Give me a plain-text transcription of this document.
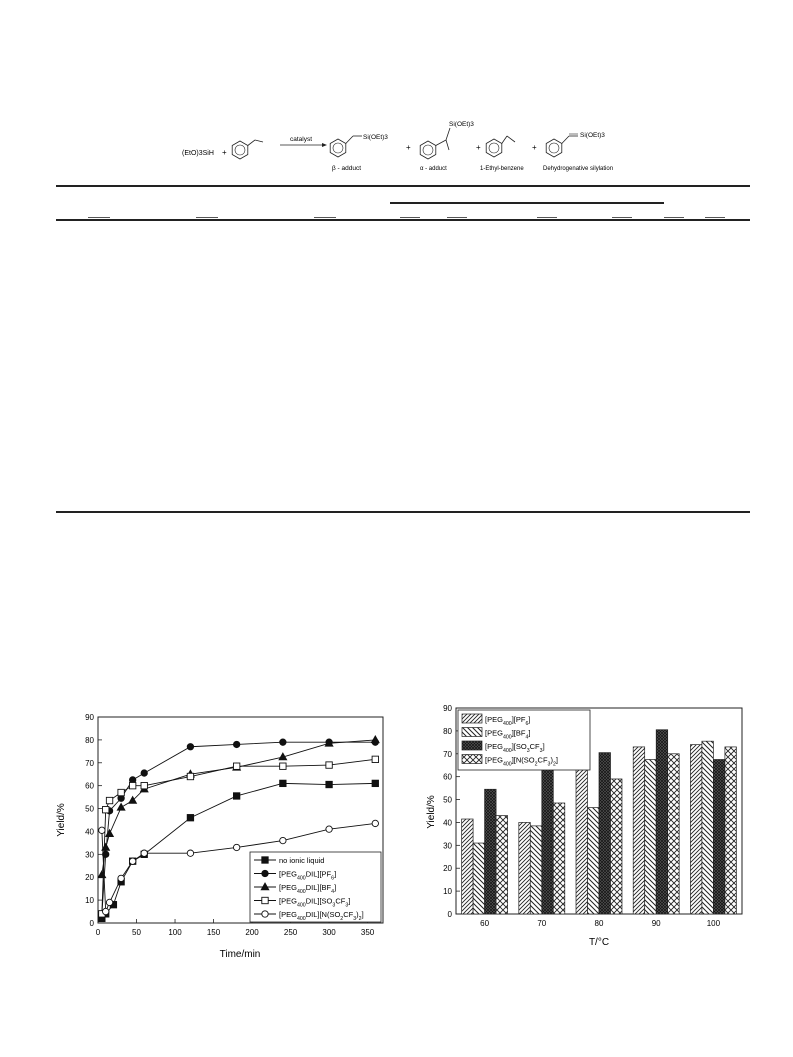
(EtO)3SiH +
catalyst	Si(OEt)3
β - adduct
+
Si(OEt)3
α - adduct
+
1-Ethyl-benzene
+
Si(OEt)3
Dehydrogenative silylation
0	50	100	150	200	250	300	350
0
10
20
30
40
50
60
70
80
90
Time/min
Yield/%
no ionic liquid
$[PEG_{400}DIL][PF_6]$
$[PEG_{400}DIL][BF_4]$
$[PEG_{400}DIL][SO_3CF_3]$
$[PEG_{400}DIL][N(SO_2CF_3)_2]$	0
10
20
30
40
50
60
70
80
90
60	70	80	90	100
T/°C
Yield/%
$[PEG_{400}][PF_6]$
$[PEG_{400}][BF_4]$
$[PEG_{400}][SO_3CF_3]$
$[PEG_{400}][N(SO_2CF_3)_2]$
